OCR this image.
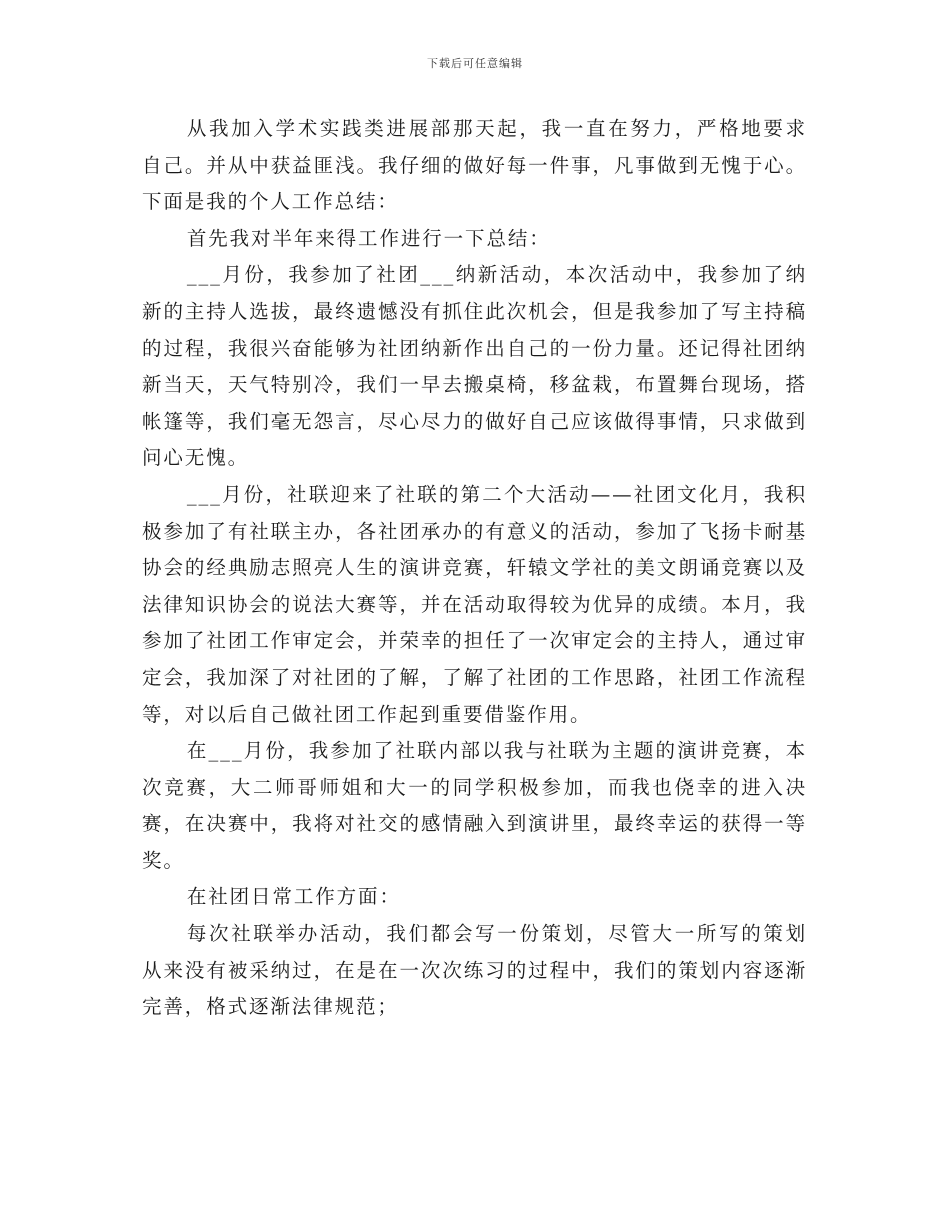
下载后可任意编辑

从我加入学术实践类进展部那天起，我一直在努力，严格地要求自己。并从中获益匪浅。我仔细的做好每一件事，凡事做到无愧于心。下面是我的个人工作总结：

首先我对半年来得工作进行一下总结：

___月份，我参加了社团___纳新活动，本次活动中，我参加了纳新的主持人选拔，最终遗憾没有抓住此次机会，但是我参加了写主持稿的过程，我很兴奋能够为社团纳新作出自己的一份力量。还记得社团纳新当天，天气特别冷，我们一早去搬桌椅，移盆栽，布置舞台现场，搭帐篷等，我们毫无怨言，尽心尽力的做好自己应该做得事情，只求做到问心无愧。

___月份，社联迎来了社联的第二个大活动——社团文化月，我积极参加了有社联主办，各社团承办的有意义的活动，参加了飞扬卡耐基协会的经典励志照亮人生的演讲竞赛，轩辕文学社的美文朗诵竞赛以及法律知识协会的说法大赛等，并在活动取得较为优异的成绩。本月，我参加了社团工作审定会，并荣幸的担任了一次审定会的主持人，通过审定会，我加深了对社团的了解，了解了社团的工作思路，社团工作流程等，对以后自己做社团工作起到重要借鉴作用。

在___月份，我参加了社联内部以我与社联为主题的演讲竞赛，本次竞赛，大二师哥师姐和大一的同学积极参加，而我也侥幸的进入决赛，在决赛中，我将对社交的感情融入到演讲里，最终幸运的获得一等奖。

在社团日常工作方面：

每次社联举办活动，我们都会写一份策划，尽管大一所写的策划从来没有被采纳过，在是在一次次练习的过程中，我们的策划内容逐渐完善，格式逐渐法律规范；
